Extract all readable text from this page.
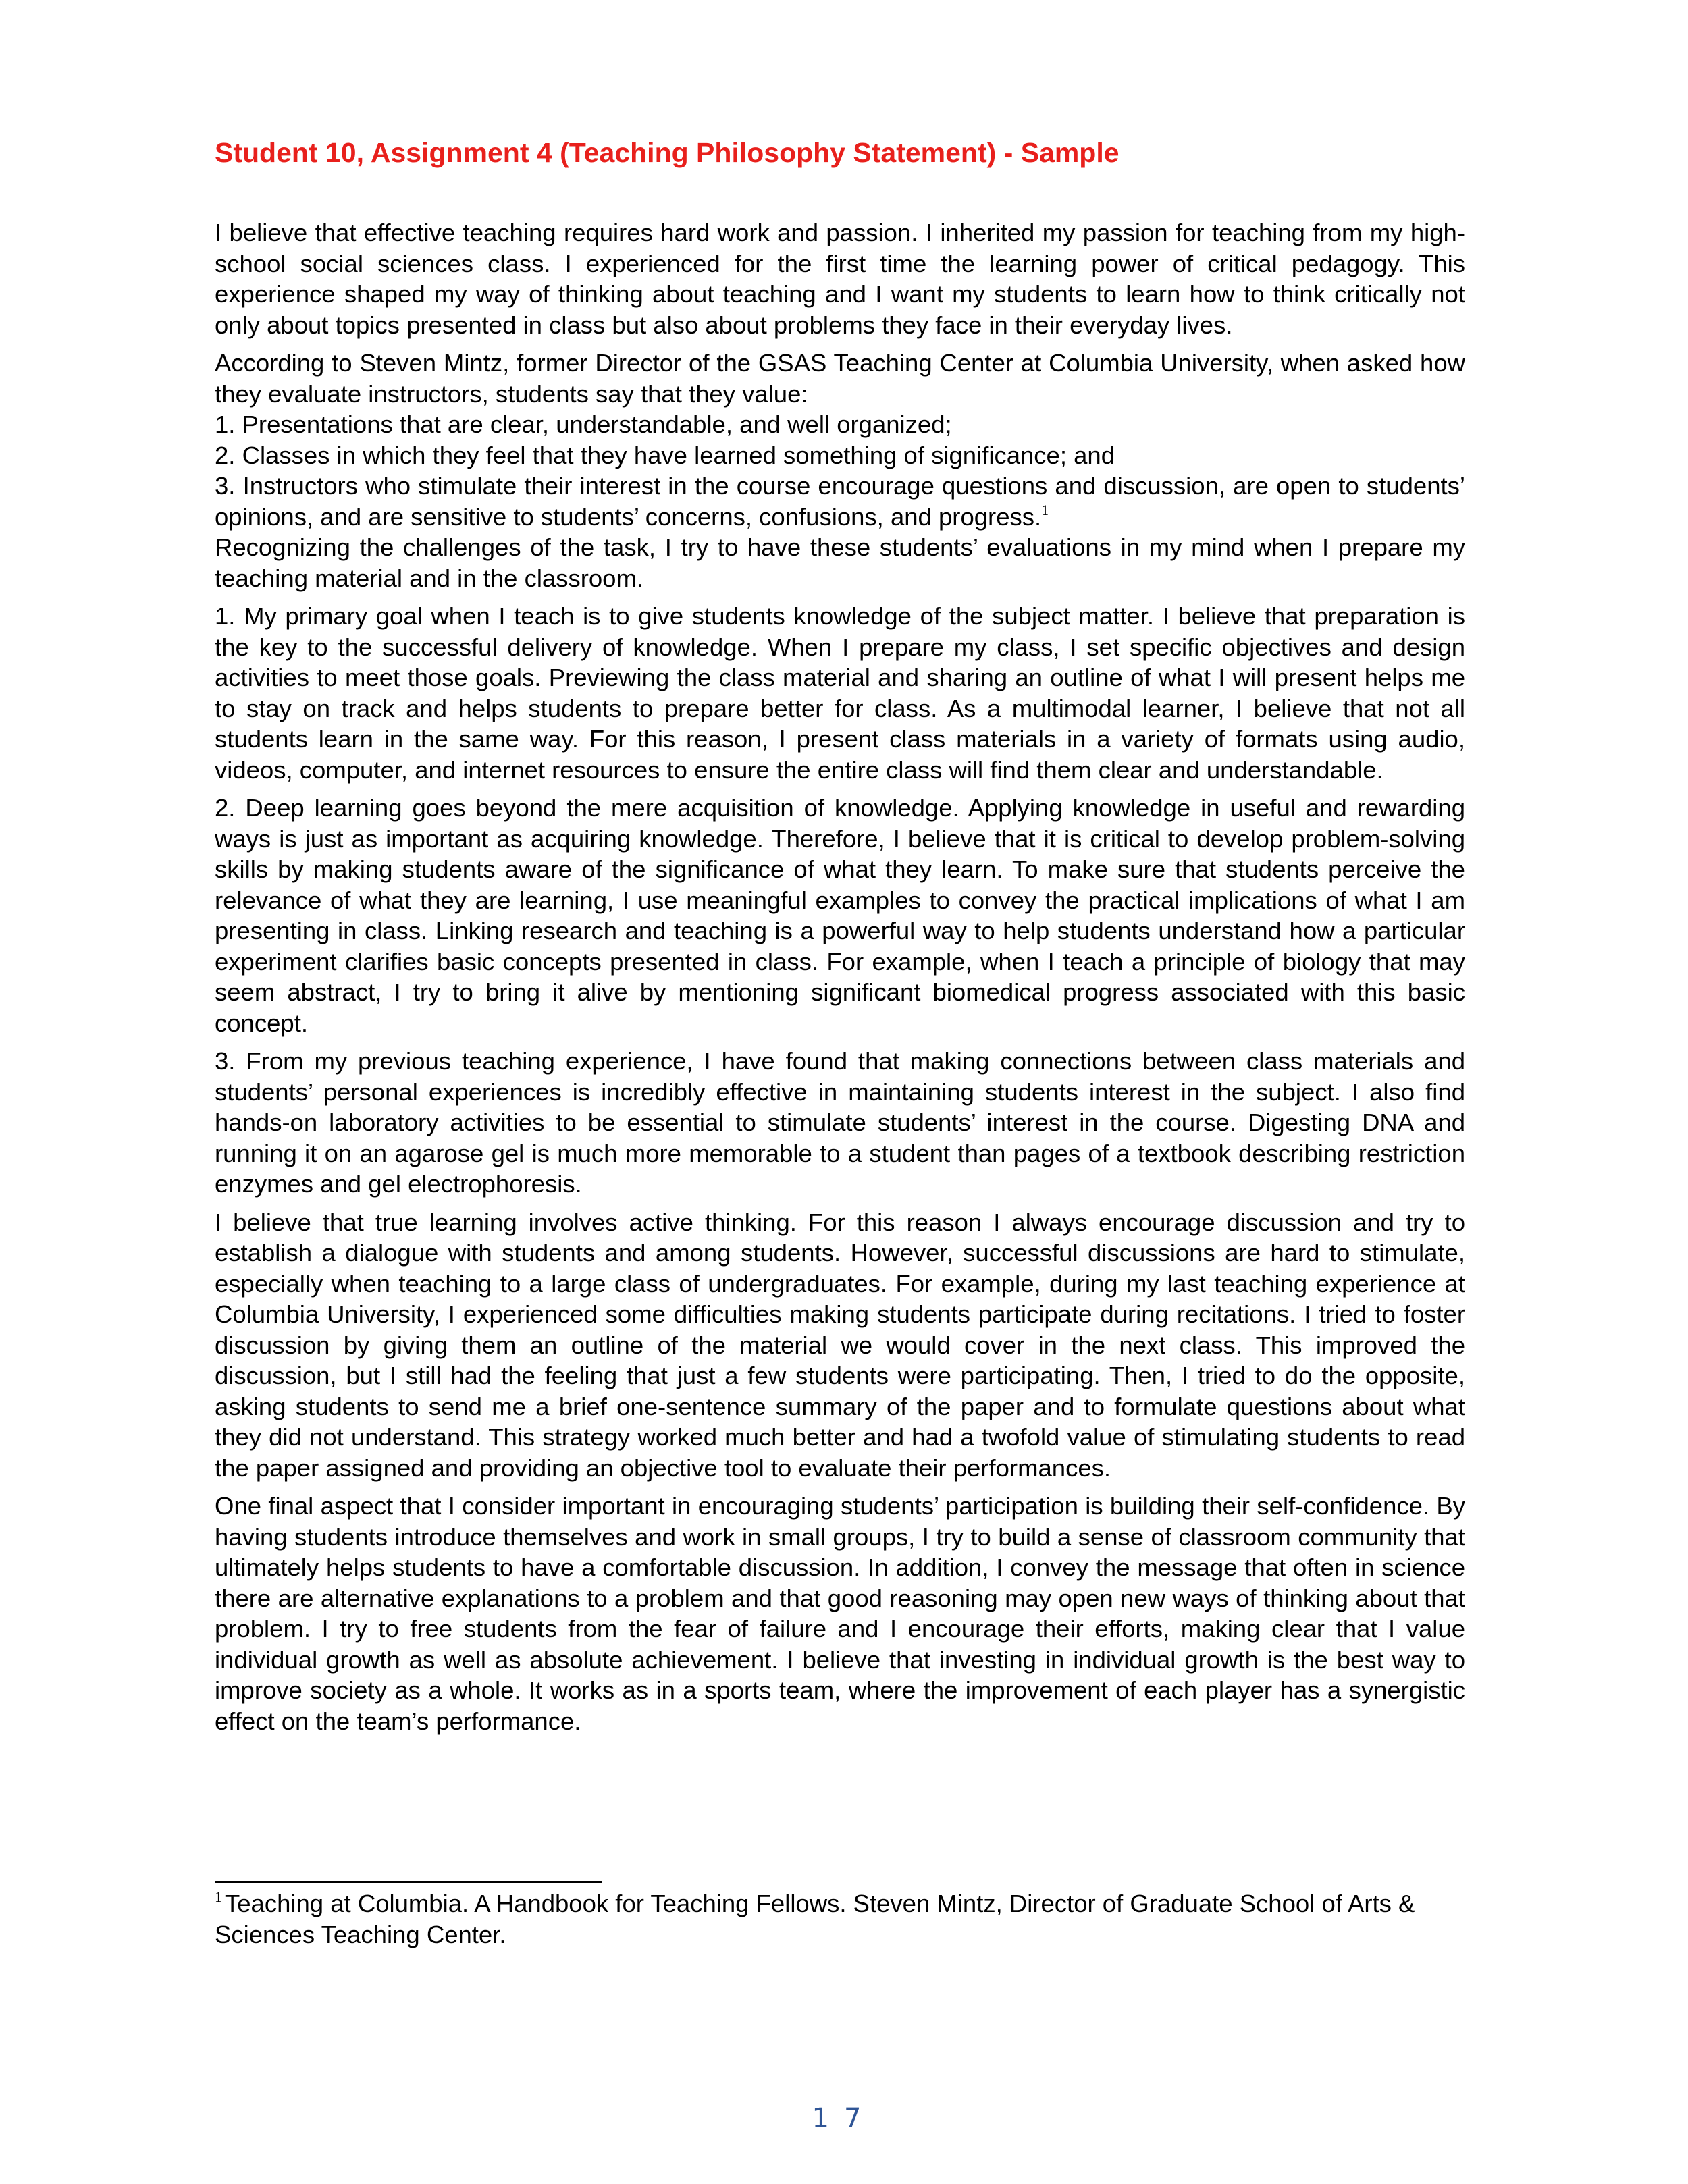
Student 10, Assignment 4 (Teaching Philosophy Statement) - Sample

I believe that effective teaching requires hard work and passion. I inherited my passion for teaching from my high-school social sciences class. I experienced for the first time the learning power of critical pedagogy. This experience shaped my way of thinking about teaching and I want my students to learn how to think critically not only about topics presented in class but also about problems they face in their everyday lives.

According to Steven Mintz, former Director of the GSAS Teaching Center at Columbia University, when asked how they evaluate instructors, students say that they value:

1. Presentations that are clear, understandable, and well organized;

2. Classes in which they feel that they have learned something of significance; and

3. Instructors who stimulate their interest in the course encourage questions and discussion, are open to students’ opinions, and are sensitive to students’ concerns, confusions, and progress.$^1$

Recognizing the challenges of the task, I try to have these students’ evaluations in my mind when I prepare my teaching material and in the classroom.

1. My primary goal when I teach is to give students knowledge of the subject matter. I believe that preparation is the key to the successful delivery of knowledge. When I prepare my class, I set specific objectives and design activities to meet those goals. Previewing the class material and sharing an outline of what I will present helps me to stay on track and helps students to prepare better for class. As a multimodal learner, I believe that not all students learn in the same way. For this reason, I present class materials in a variety of formats using audio, videos, computer, and internet resources to ensure the entire class will find them clear and understandable.

2. Deep learning goes beyond the mere acquisition of knowledge. Applying knowledge in useful and rewarding ways is just as important as acquiring knowledge. Therefore, I believe that it is critical to develop problem-solving skills by making students aware of the significance of what they learn. To make sure that students perceive the relevance of what they are learning, I use meaningful examples to convey the practical implications of what I am presenting in class. Linking research and teaching is a powerful way to help students understand how a particular experiment clarifies basic concepts presented in class. For example, when I teach a principle of biology that may seem abstract, I try to bring it alive by mentioning significant biomedical progress associated with this basic concept.

3. From my previous teaching experience, I have found that making connections between class materials and students’ personal experiences is incredibly effective in maintaining students interest in the subject. I also find hands-on laboratory activities to be essential to stimulate students’ interest in the course. Digesting DNA and running it on an agarose gel is much more memorable to a student than pages of a textbook describing restriction enzymes and gel electrophoresis.

I believe that true learning involves active thinking. For this reason I always encourage discussion and try to establish a dialogue with students and among students. However, successful discussions are hard to stimulate, especially when teaching to a large class of undergraduates. For example, during my last teaching experience at Columbia University, I experienced some difficulties making students participate during recitations. I tried to foster discussion by giving them an outline of the material we would cover in the next class. This improved the discussion, but I still had the feeling that just a few students were participating. Then, I tried to do the opposite, asking students to send me a brief one-sentence summary of the paper and to formulate questions about what they did not understand. This strategy worked much better and had a twofold value of stimulating students to read the paper assigned and providing an objective tool to evaluate their performances.

One final aspect that I consider important in encouraging students’ participation is building their self-confidence. By having students introduce themselves and work in small groups, I try to build a sense of classroom community that ultimately helps students to have a comfortable discussion. In addition, I convey the message that often in science there are alternative explanations to a problem and that good reasoning may open new ways of thinking about that problem. I try to free students from the fear of failure and I encourage their efforts, making clear that I value individual growth as well as absolute achievement. I believe that investing in individual growth is the best way to improve society as a whole. It works as in a sports team, where the improvement of each player has a synergistic effect on the team’s performance.

$^1$ Teaching at Columbia. A Handbook for Teaching Fellows. Steven Mintz, Director of Graduate School of Arts & Sciences Teaching Center.
17
